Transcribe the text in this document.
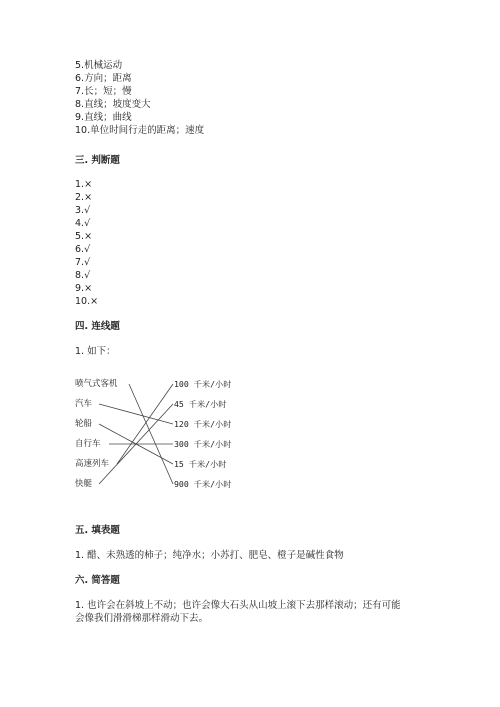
5.机械运动
6.方向；距离
7.长；短；慢
8.直线；坡度变大
9.直线；曲线
10.单位时间行走的距离；速度
三. 判断题
1.×
2.×
3.√
4.√
5.×
6.√
7.√
8.√
9.×
10.×
四. 连线题
1. 如下：
喷气式客机
汽车
轮船
自行车
高速列车
快艇
100 千米/小时
45 千米/小时
120 千米/小时
300 千米/小时
15 千米/小时
900 千米/小时
五. 填表题
1. 醋、未熟透的柿子；纯净水；小苏打、肥皂、橙子是碱性食物
六. 简答题
1. 也许会在斜坡上不动；也许会像大石头从山坡上滚下去那样滚动；还有可能会像我们滑滑梯那样滑动下去。
